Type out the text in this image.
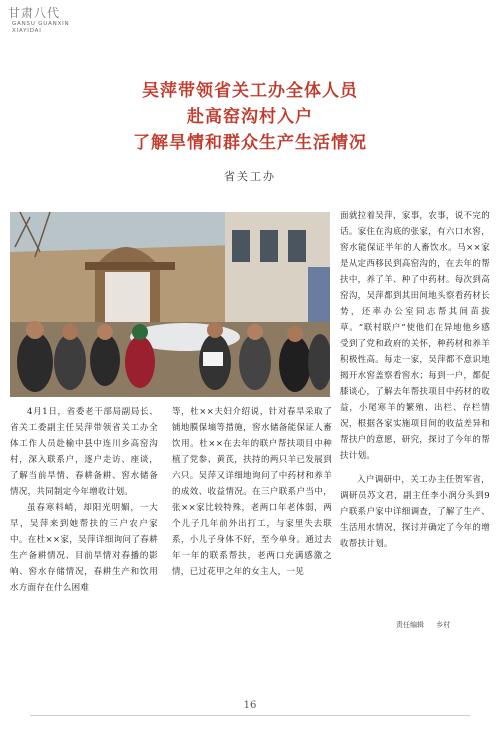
甘肃八代
GANSU GUANXIN
XIAYIDAI
吴萍带领省关工办全体人员
赴高窑沟村入户
了解旱情和群众生产生活情况
省关工办

4月1日，省委老干部局副局长、省关工委副主任吴萍带领省关工办全体工作人员赴榆中县中连川乡高窑沟村，深入联系户，逐户走访、座谈，了解当前旱情、春耕备耕、窖水储备情况，共同制定今年增收计划。

虽春寒料峭，却阳光明媚，一大早，吴萍来到她帮扶的三户农户家中。在杜××家，吴萍详细询问了春耕生产备耕情况、目前旱情对春播的影响、窖水存储情况，春耕生产和饮用水方面存在什么困难

等，杜××夫妇介绍说，针对春旱采取了铺地膜保墒等措施，窖水储备能保证人畜饮用。杜××在去年的联户帮扶项目中种植了党参、黄芪，扶持的两只羊已发展到六只。吴萍又详细地询问了中药材和养羊的成效、收益情况。在三户联系户当中，张××家比较特殊，老两口年老体弱，两个儿子几年前外出打工，与家里失去联系，小儿子身体不好，至今单身。通过去年一年的联系帮扶，老两口充满感激之情，已过花甲之年的女主人，一见

面就拉着吴萍，家事，农事，说不完的话。家住在沟底的张家，有六口水窖，窖水能保证半年的人畜饮水。马××家是从定西移民到高窑沟的，在去年的帮扶中，养了羊、种了中药材。每次到高窑沟，吴萍都到其田间地头察看药材长势，还率办公室同志帮其间苗拔草。“联村联户”使他们在异地他乡感受到了党和政府的关怀，种药材和养羊积极性高。每走一家，吴萍都不意识地揭开水窖盖察看窖水；每到一户，都促膝谈心，了解去年帮扶项目中药材的收益，小尾寒羊的繁殖、出栏、存栏情况，根据各家实施项目间的收益差异和帮扶户的意愿，研究，探讨了今年的帮扶计划。

入户调研中，关工办主任贺军省，调研员苏文君，副主任李小润分头到9户联系户家中详细调查，了解了生产、生活用水情况，探讨并确定了今年的增收帮扶计划。

责任编辑 乡村
16
